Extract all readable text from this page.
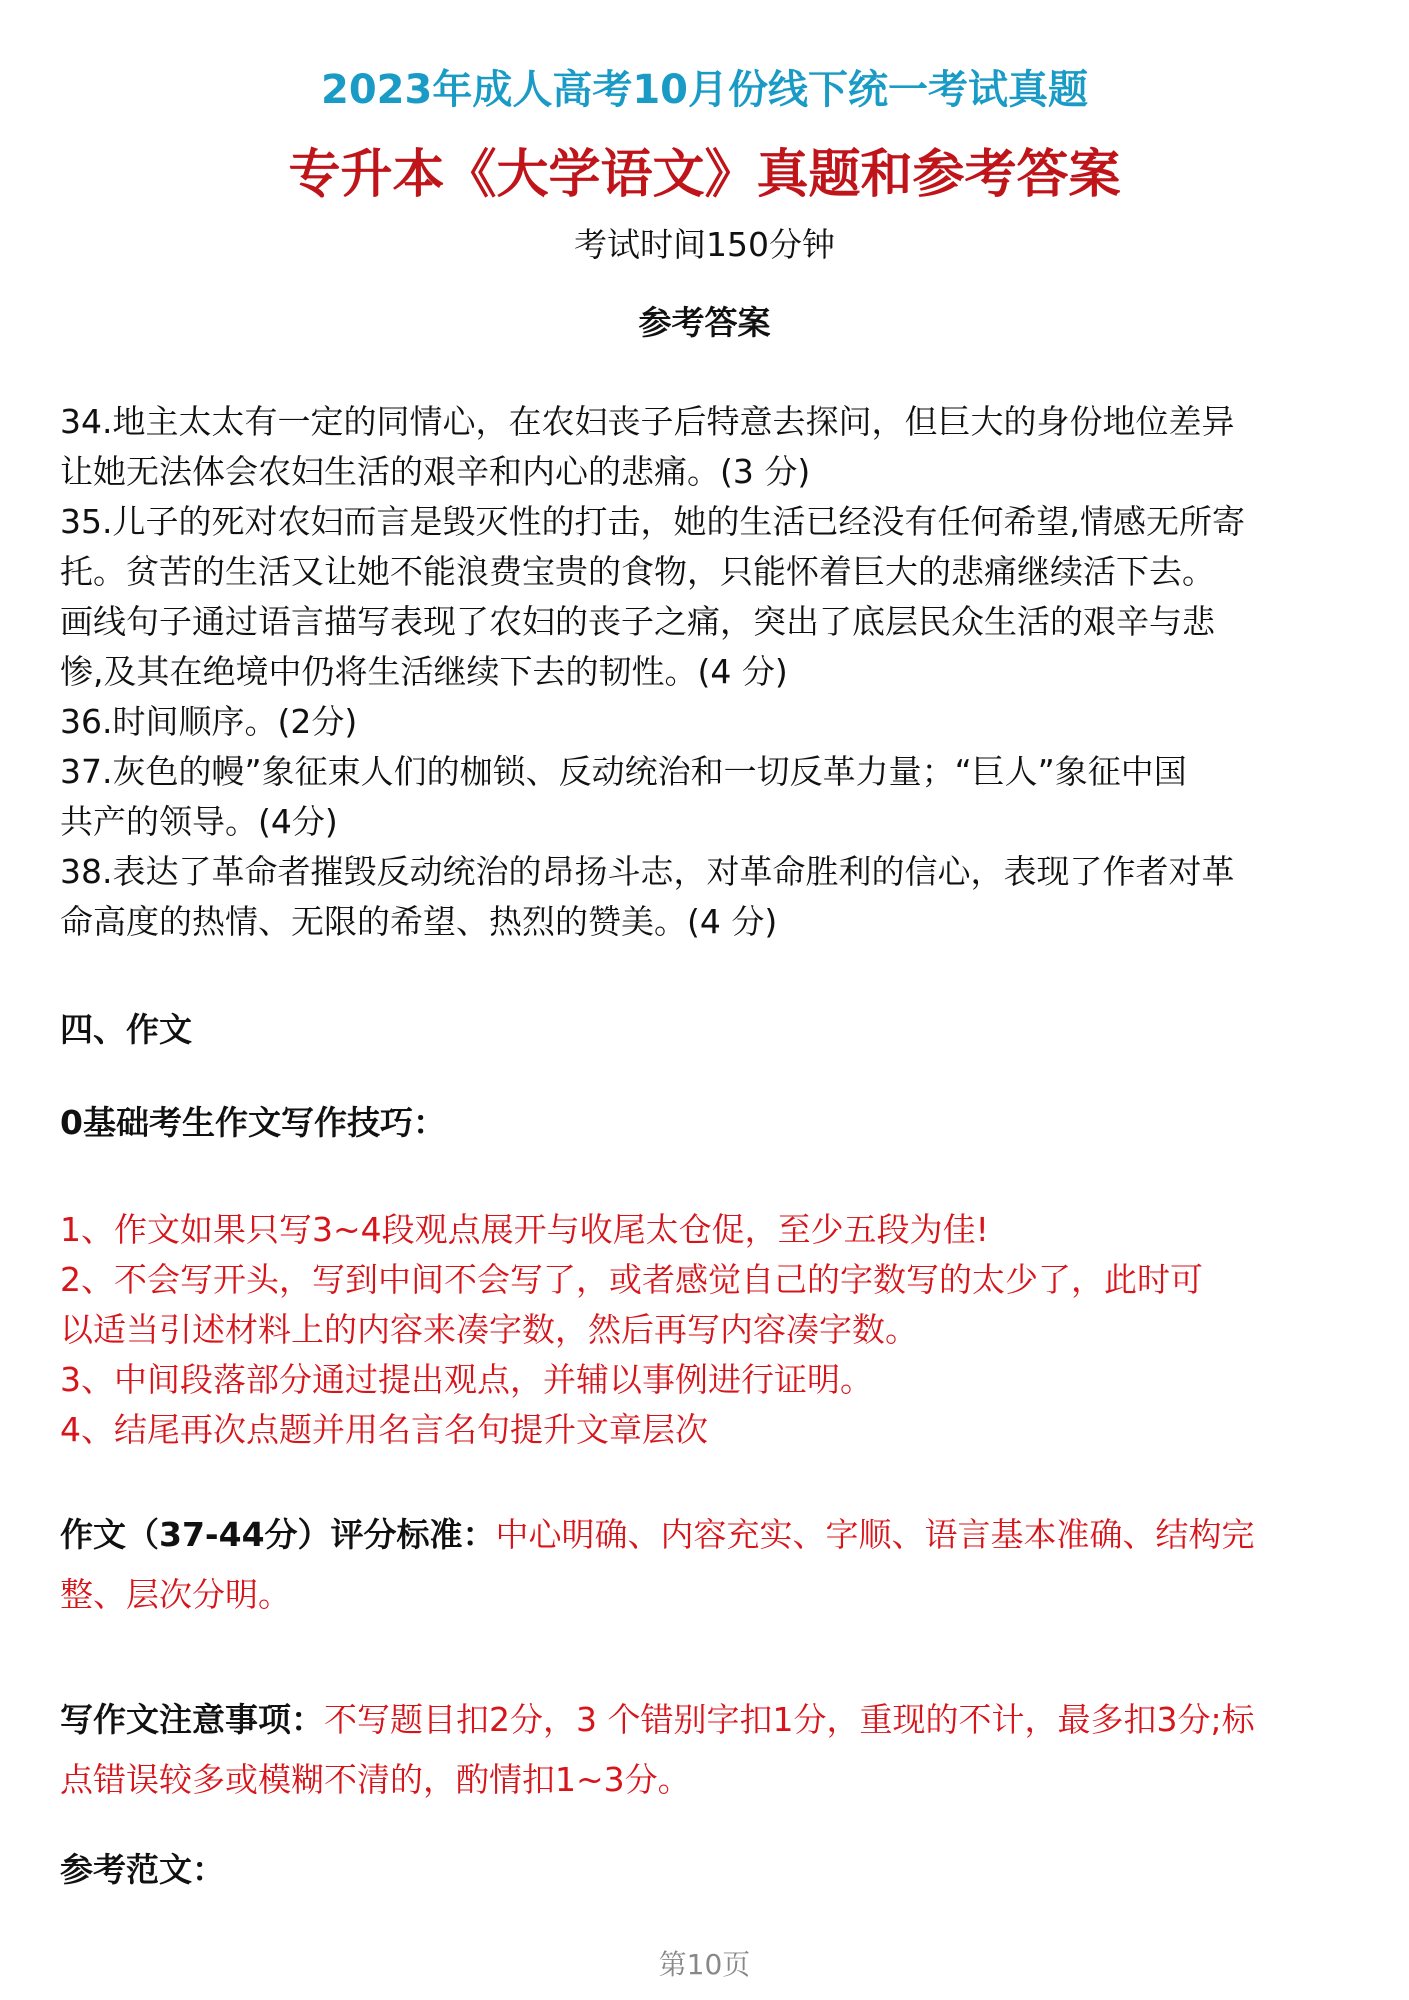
2023年成人高考10月份线下统一考试真题
专升本《大学语文》真题和参考答案
考试时间150分钟
参考答案

34.地主太太有一定的同情心，在农妇丧子后特意去探问，但巨大的身份地位差异

让她无法体会农妇生活的艰辛和内心的悲痛。(3 分)

35.儿子的死对农妇而言是毁灭性的打击，她的生活已经没有任何希望,情感无所寄

托。贫苦的生活又让她不能浪费宝贵的食物，只能怀着巨大的悲痛继续活下去。

画线句子通过语言描写表现了农妇的丧子之痛，突出了底层民众生活的艰辛与悲

惨,及其在绝境中仍将生活继续下去的韧性。(4 分)

36.时间顺序。(2分)

37.灰色的幔”象征束人们的枷锁、反动统治和一切反革力量；“巨人”象征中国

共产的领导。(4分)

38.表达了革命者摧毁反动统治的昂扬斗志，对革命胜利的信心，表现了作者对革

命高度的热情、无限的希望、热烈的赞美。(4 分)

四、作文

0基础考生作文写作技巧：

1、作文如果只写3~4段观点展开与收尾太仓促，至少五段为佳!

2、不会写开头，写到中间不会写了，或者感觉自己的字数写的太少了，此时可

以适当引述材料上的内容来凑字数，然后再写内容凑字数。

3、中间段落部分通过提出观点，并辅以事例进行证明。

4、结尾再次点题并用名言名句提升文章层次

作文（37-44分）评分标准：中心明确、内容充实、字顺、语言基本准确、结构完

整、层次分明。

写作文注意事项：不写题目扣2分，3 个错别字扣1分，重现的不计，最多扣3分;标

点错误较多或模糊不清的，酌情扣1~3分。

参考范文：

第10页
